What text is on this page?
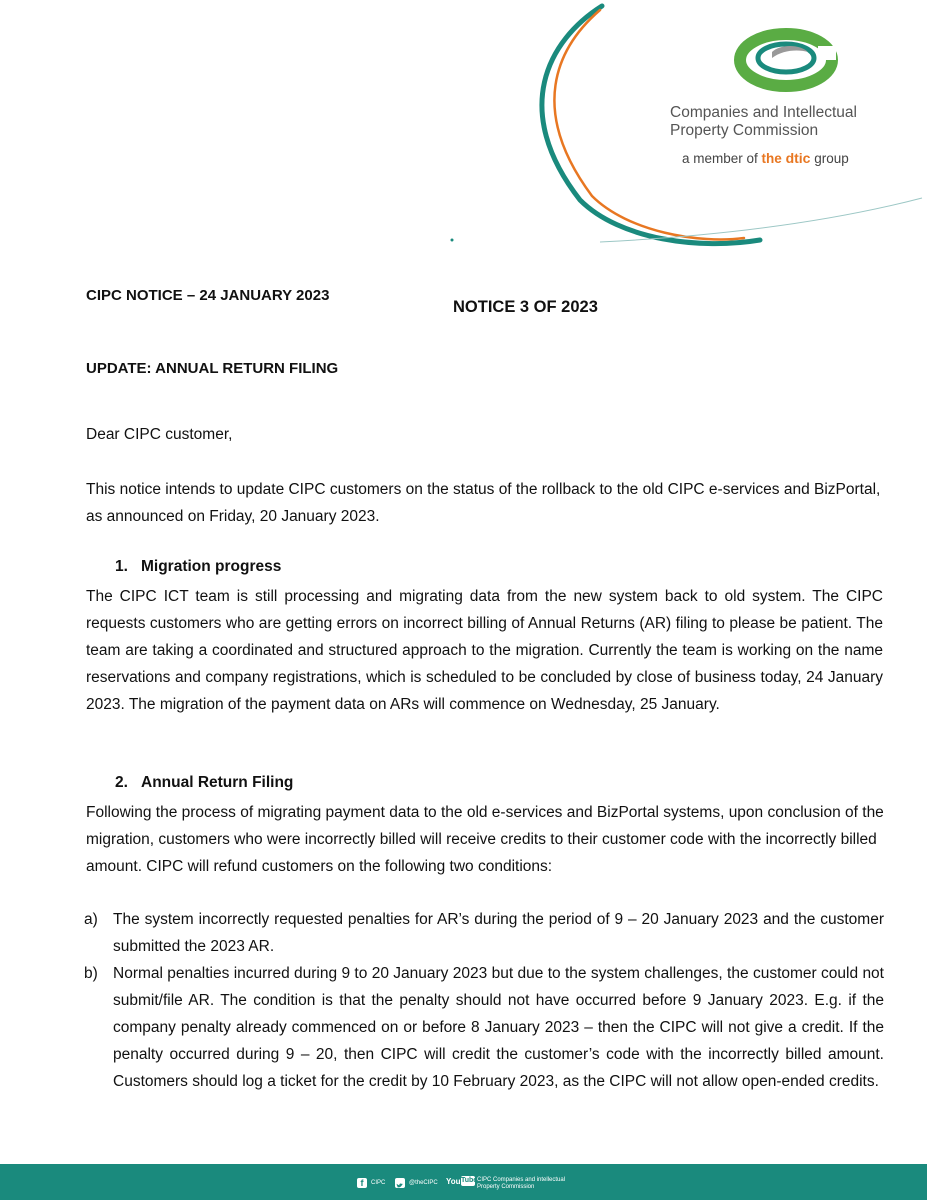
Companies and Intellectual
Property Commission
a member of the dtic group
CIPC NOTICE – 24 JANUARY 2023
NOTICE 3 OF 2023
UPDATE: ANNUAL RETURN FILING
Dear CIPC customer,
This notice intends to update CIPC customers on the status of the rollback to the old CIPC e-services and BizPortal, as announced on Friday, 20 January 2023.
1. Migration progress
The CIPC ICT team is still processing and migrating data from the new system back to old system. The CIPC requests customers who are getting errors on incorrect billing of Annual Returns (AR) filing to please be patient. The team are taking a coordinated and structured approach to the migration. Currently the team is working on the name reservations and company registrations, which is scheduled to be concluded by close of business today, 24 January 2023. The migration of the payment data on ARs will commence on Wednesday, 25 January.
2. Annual Return Filing
Following the process of migrating payment data to the old e-services and BizPortal systems, upon conclusion of the migration, customers who were incorrectly billed will receive credits to their customer code with the incorrectly billed amount. CIPC will refund customers on the following two conditions:
a) The system incorrectly requested penalties for AR’s during the period of 9 – 20 January 2023 and the customer submitted the 2023 AR.
b) Normal penalties incurred during 9 to 20 January 2023 but due to the system challenges, the customer could not submit/file AR. The condition is that the penalty should not have occurred before 9 January 2023. E.g. if the company penalty already commenced on or before 8 January 2023 – then the CIPC will not give a credit. If the penalty occurred during 9 – 20, then CIPC will credit the customer’s code with the incorrectly billed amount. Customers should log a ticket for the credit by 10 February 2023, as the CIPC will not allow open-ended credits.
f	CIPC	@theCIPC You Tube CIPC Companies and intellectual
Property Commission
